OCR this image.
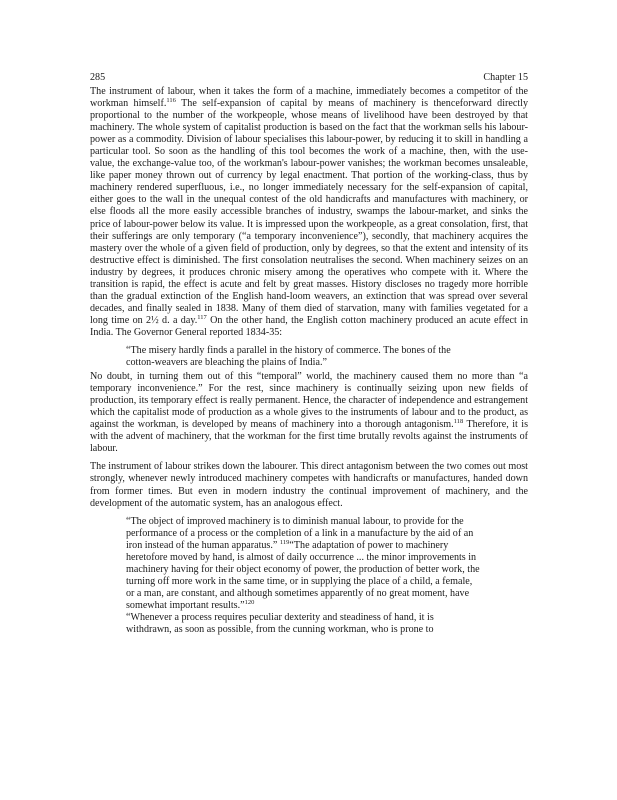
285	Chapter 15

The instrument of labour, when it takes the form of a machine, immediately becomes a competitor of the workman himself.$^{116}$ The self-expansion of capital by means of machinery is thenceforward directly proportional to the number of the workpeople, whose means of livelihood have been destroyed by that machinery. The whole system of capitalist production is based on the fact that the workman sells his labour-power as a commodity. Division of labour specialises this labour-power, by reducing it to skill in handling a particular tool. So soon as the handling of this tool becomes the work of a machine, then, with the use-value, the exchange-value too, of the workman's labour-power vanishes; the workman becomes unsaleable, like paper money thrown out of currency by legal enactment. That portion of the working-class, thus by machinery rendered superfluous, i.e., no longer immediately necessary for the self-expansion of capital, either goes to the wall in the unequal contest of the old handicrafts and manufactures with machinery, or else floods all the more easily accessible branches of industry, swamps the labour-market, and sinks the price of labour-power below its value. It is impressed upon the workpeople, as a great consolation, first, that their sufferings are only temporary (“a temporary inconvenience”), secondly, that machinery acquires the mastery over the whole of a given field of production, only by degrees, so that the extent and intensity of its destructive effect is diminished. The first consolation neutralises the second. When machinery seizes on an industry by degrees, it produces chronic misery among the operatives who compete with it. Where the transition is rapid, the effect is acute and felt by great masses. History discloses no tragedy more horrible than the gradual extinction of the English hand-loom weavers, an extinction that was spread over several decades, and finally sealed in 1838. Many of them died of starvation, many with families vegetated for a long time on 2½ d. a day.$^{117}$ On the other hand, the English cotton machinery produced an acute effect in India. The Governor General reported 1834-35:

“The misery hardly finds a parallel in the history of commerce. The bones of the cotton-weavers are bleaching the plains of India.”

No doubt, in turning them out of this “temporal” world, the machinery caused them no more than “a temporary inconvenience.” For the rest, since machinery is continually seizing upon new fields of production, its temporary effect is really permanent. Hence, the character of independence and estrangement which the capitalist mode of production as a whole gives to the instruments of labour and to the product, as against the workman, is developed by means of machinery into a thorough antagonism.$^{118}$ Therefore, it is with the advent of machinery, that the workman for the first time brutally revolts against the instruments of labour.

The instrument of labour strikes down the labourer. This direct antagonism between the two comes out most strongly, whenever newly introduced machinery competes with handicrafts or manufactures, handed down from former times. But even in modern industry the continual improvement of machinery, and the development of the automatic system, has an analogous effect.

“The object of improved machinery is to diminish manual labour, to provide for the performance of a process or the completion of a link in a manufacture by the aid of an iron instead of the human apparatus.” $^{119}$“The adaptation of power to machinery heretofore moved by hand, is almost of daily occurrence ... the minor improvements in machinery having for their object economy of power, the production of better work, the turning off more work in the same time, or in supplying the place of a child, a female, or a man, are constant, and although sometimes apparently of no great moment, have somewhat important results.”$^{120}$
“Whenever a process requires peculiar dexterity and steadiness of hand, it is withdrawn, as soon as possible, from the cunning workman, who is prone to
